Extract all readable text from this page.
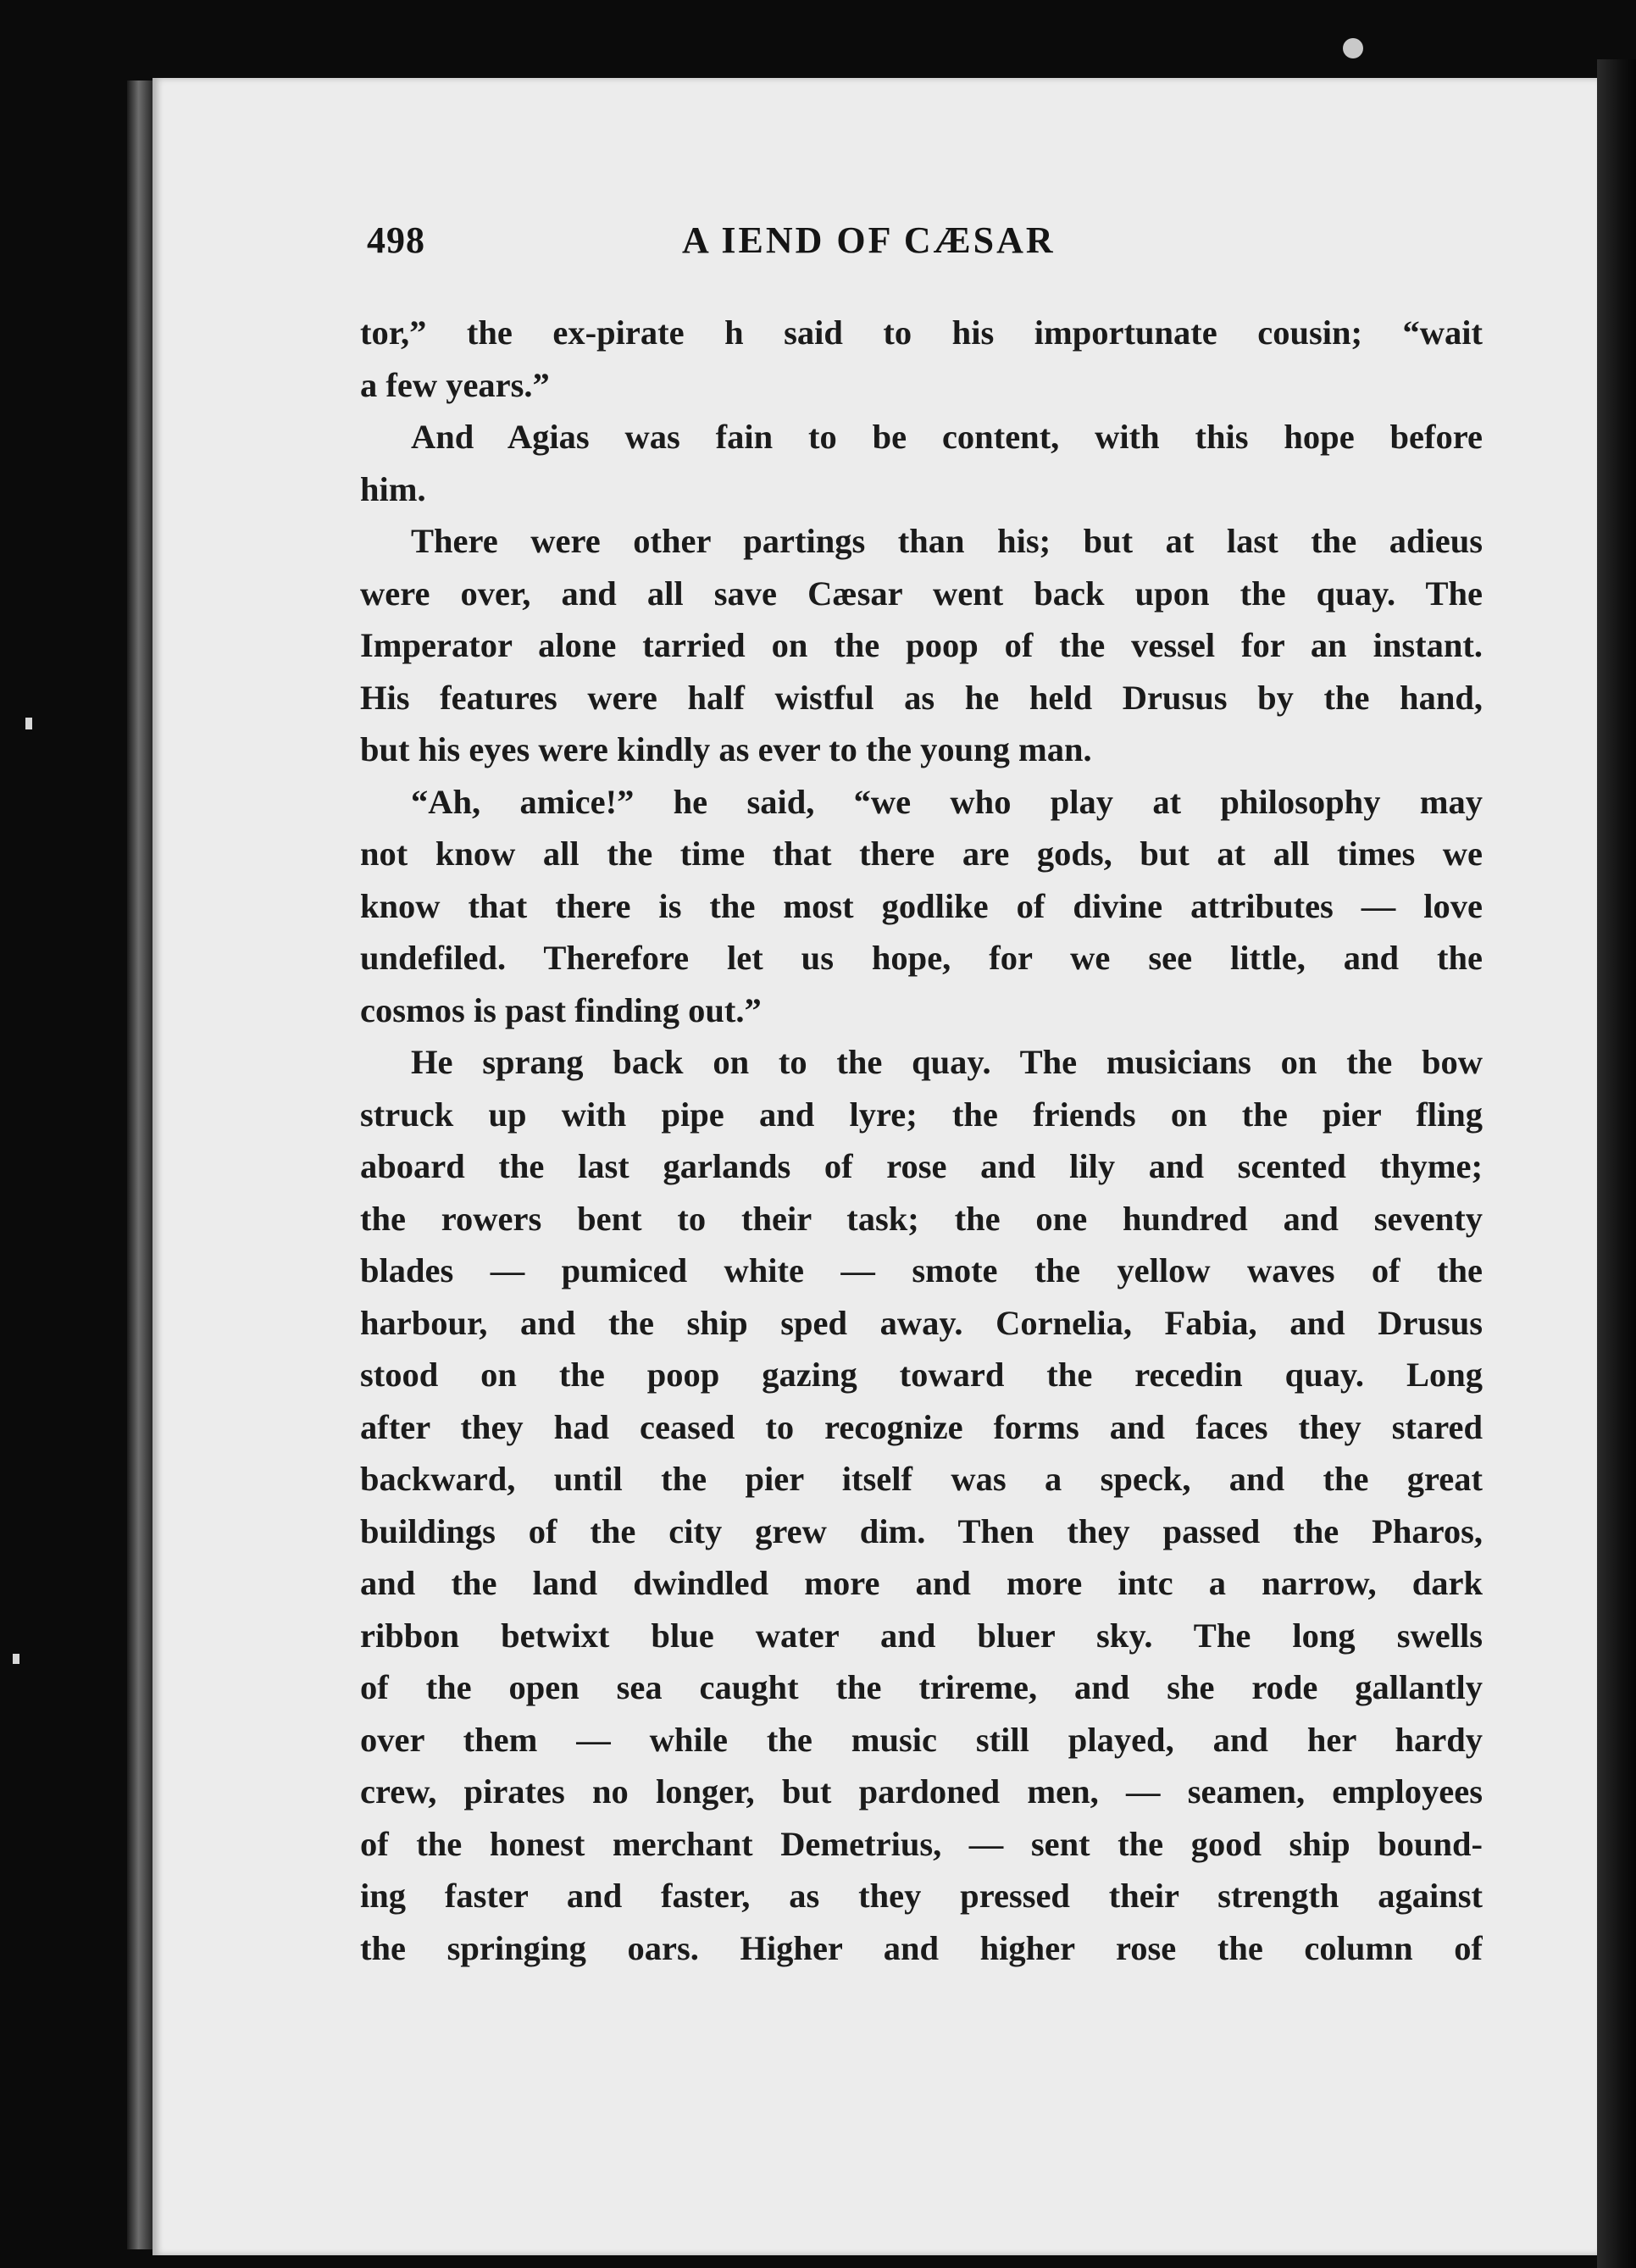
498	A IEND OF CÆSAR
tor,” the ex-pirate h said to his importunate cousin; “wait
a few years.”
And Agias was fain to be content, with this hope before
him.
There were other partings than his; but at last the adieus
were over, and all save Cæsar went back upon the quay. The
Imperator alone tarried on the poop of the vessel for an instant.
His features were half wistful as he held Drusus by the hand,
but his eyes were kindly as ever to the young man.
“Ah, amice!” he said, “we who play at philosophy may
not know all the time that there are gods, but at all times we
know that there is the most godlike of divine attributes — love
undefiled. Therefore let us hope, for we see little, and the
cosmos is past finding out.”
He sprang back on to the quay. The musicians on the bow
struck up with pipe and lyre; the friends on the pier fling
aboard the last garlands of rose and lily and scented thyme;
the rowers bent to their task; the one hundred and seventy
blades — pumiced white — smote the yellow waves of the
harbour, and the ship sped away. Cornelia, Fabia, and Drusus
stood on the poop gazing toward the recedin quay. Long
after they had ceased to recognize forms and faces they stared
backward, until the pier itself was a speck, and the great
buildings of the city grew dim. Then they passed the Pharos,
and the land dwindled more and more intc a narrow, dark
ribbon betwixt blue water and bluer sky. The long swells
of the open sea caught the trireme, and she rode gallantly
over them — while the music still played, and her hardy
crew, pirates no longer, but pardoned men, — seamen, employees
of the honest merchant Demetrius, — sent the good ship bound-
ing faster and faster, as they pressed their strength against
the springing oars. Higher and higher rose the column of
